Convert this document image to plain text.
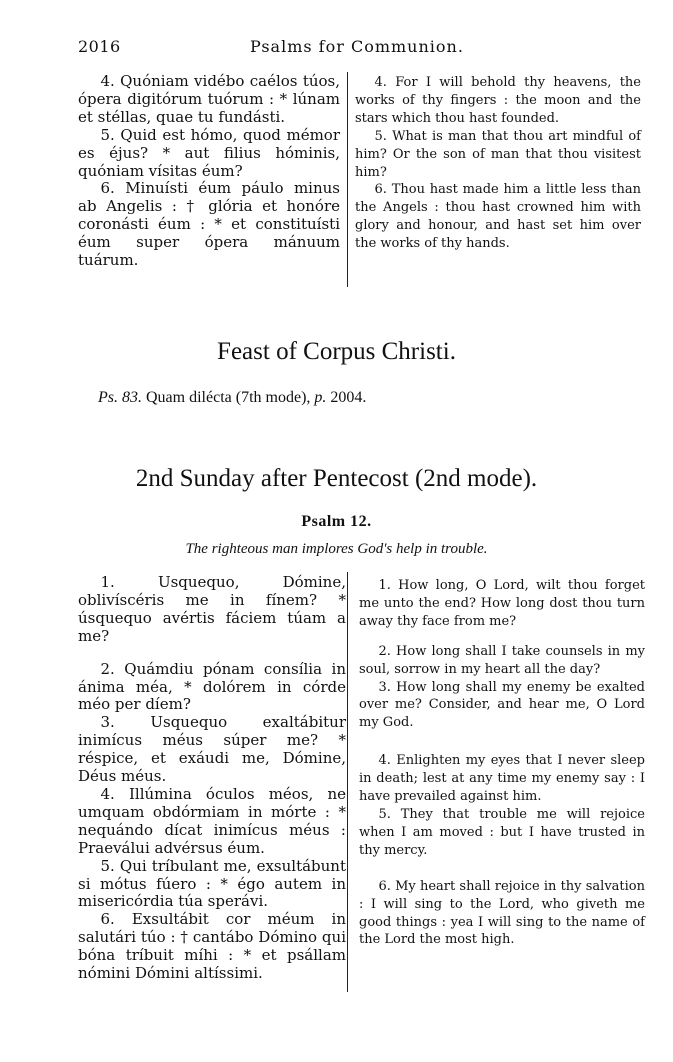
2016	Psalms for Communion.

4. Quóniam vidébo caélos túos, ópera digitórum tuórum : * lúnam et stéllas, quae tu fundásti.

5. Quid est hómo, quod mémor es éjus? * aut filius hóminis, quóniam vísitas éum?

6. Minuísti éum páulo minus ab Angelis : † glória et honóre coronásti éum : * et constituísti éum super ópera mánuum tuárum.

4. For I will behold thy heavens, the works of thy fingers : the moon and the stars which thou hast founded.

5. What is man that thou art mindful of him? Or the son of man that thou visitest him?

6. Thou hast made him a little less than the Angels : thou hast crowned him with glory and honour, and hast set him over the works of thy hands.

Feast of Corpus Christi.
Ps. 83. Quam dilécta (7th mode), p. 2004.
2nd Sunday after Pentecost (2nd mode).
Psalm 12.
The righteous man implores God's help in trouble.

1. Usquequo, Dómine, oblivíscéris me in fínem? * úsquequo avértis fáciem túam a me?

2. Quámdiu pónam consília in ánima méa, * dolórem in córde méo per díem?

3. Usquequo exaltábitur inimícus méus súper me? * réspice, et exáudi me, Dómine, Déus méus.

4. Illúmina óculos méos, ne umquam obdórmiam in mórte : * nequándo dícat inimícus méus : Praeválui advérsus éum.

5. Qui tríbulant me, exsultábunt si mótus fúero : * égo autem in misericórdia túa sperávi.

6. Exsultábit cor méum in salutári túo : † cantábo Dómino qui bóna tríbuit míhi : * et psállam nómini Dómini altíssimi.

1. How long, O Lord, wilt thou forget me unto the end? How long dost thou turn away thy face from me?

2. How long shall I take counsels in my soul, sorrow in my heart all the day?

3. How long shall my enemy be exalted over me? Consider, and hear me, O Lord my God.

4. Enlighten my eyes that I never sleep in death; lest at any time my enemy say : I have prevailed against him.

5. They that trouble me will rejoice when I am moved : but I have trusted in thy mercy.

6. My heart shall rejoice in thy salvation : I will sing to the Lord, who giveth me good things : yea I will sing to the name of the Lord the most high.
